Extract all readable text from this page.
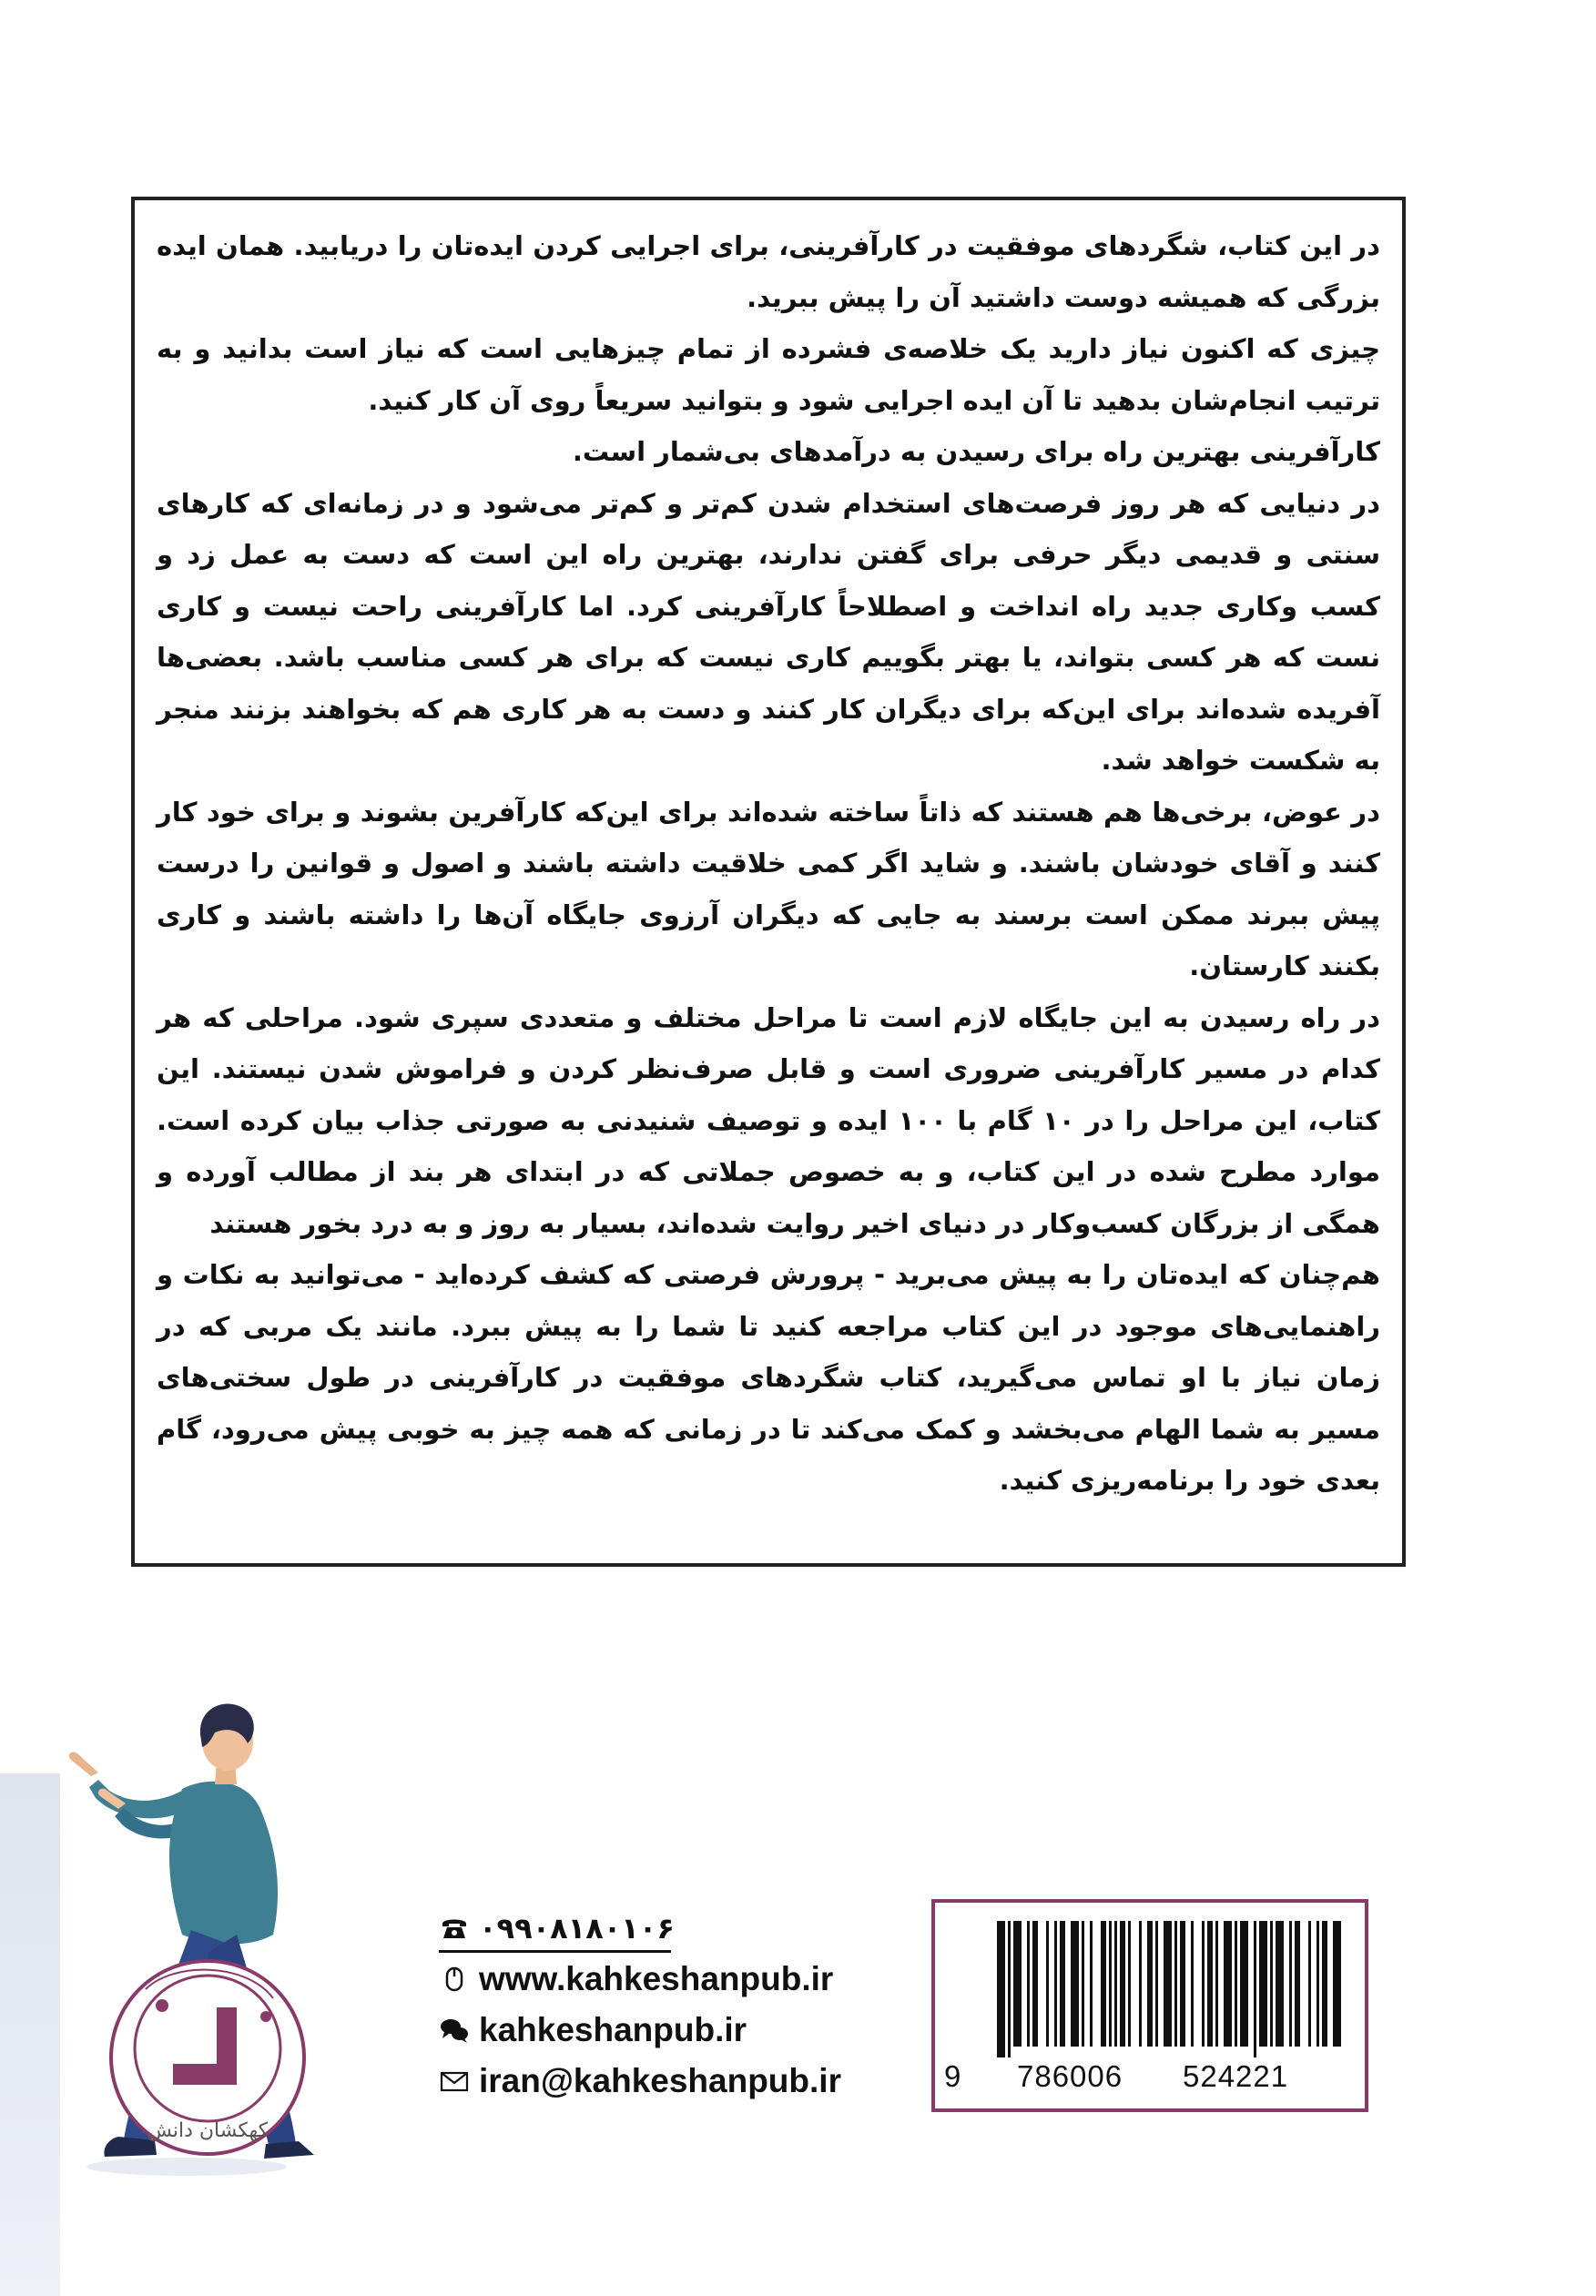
در این کتاب، شگردهای موفقیت در کارآفرینی، برای اجرایی کردن ایده‌تان را دریابید. همان ایده بزرگی که همیشه دوست داشتید آن را پیش ببرید.

چیزی که اکنون نیاز دارید یک خلاصه‌ی فشرده از تمام چیزهایی است که نیاز است بدانید و به ترتیب انجام‌شان بدهید تا آن ایده اجرایی شود و بتوانید سریعاً روی آن کار کنید.

کارآفرینی بهترین راه برای رسیدن به درآمدهای بی‌شمار است.

در دنیایی که هر روز فرصت‌های استخدام شدن کم‌تر و کم‌تر می‌شود و در زمانه‌ای که کارهای سنتی و قدیمی دیگر حرفی برای گفتن ندارند، بهترین راه این است که دست به عمل زد و کسب وکاری جدید راه انداخت و اصطلاحاً کارآفرینی کرد. اما کارآفرینی راحت نیست و کاری نست که هر کسی بتواند، یا بهتر بگوییم کاری نیست که برای هر کسی مناسب باشد. بعضی‌ها آفریده شده‌اند برای این‌که برای دیگران کار کنند و دست به هر کاری هم که بخواهند بزنند منجر به شکست خواهد شد.

در عوض، برخی‌ها هم هستند که ذاتاً ساخته شده‌اند برای این‌که کارآفرین بشوند و برای خود کار کنند و آقای خودشان باشند. و شاید اگر کمی خلاقیت داشته باشند و اصول و قوانین را درست پیش ببرند ممکن است برسند به جایی که دیگران آرزوی جایگاه آن‌ها را داشته باشند و کاری بکنند کارستان.

در راه رسیدن به این جایگاه لازم است تا مراحل مختلف و متعددی سپری شود. مراحلی که هر کدام در مسیر کارآفرینی ضروری است و قابل صرف‌نظر کردن و فراموش شدن نیستند. این کتاب، این مراحل را در ۱۰ گام با ۱۰۰ ایده و توصیف شنیدنی به صورتی جذاب بیان کرده است. موارد مطرح شده در این کتاب، و به خصوص جملاتی که در ابتدای هر بند از مطالب آورده و همگی از بزرگان کسب‌وکار در دنیای اخیر روایت شده‌اند، بسیار به روز و به درد بخور هستند

هم‌چنان که ایده‌تان را به پیش می‌برید - پرورش فرصتی که کشف کرده‌اید - می‌توانید به نکات و راهنمایی‌های موجود در این کتاب مراجعه کنید تا شما را به پیش ببرد. مانند یک مربی که در زمان نیاز با او تماس می‌گیرید، کتاب شگردهای موفقیت در کارآفرینی در طول سختی‌های مسیر به شما الهام می‌بخشد و کمک می‌کند تا در زمانی که همه چیز به خوبی پیش می‌رود، گام بعدی خود را برنامه‌ریزی کنید.

کهکشان دانش
۰۹۹۰۸۱۸۰۱۰۶
www.kahkeshanpub.ir
kahkeshanpub.ir
iran@kahkeshanpub.ir	9 786006 524221
